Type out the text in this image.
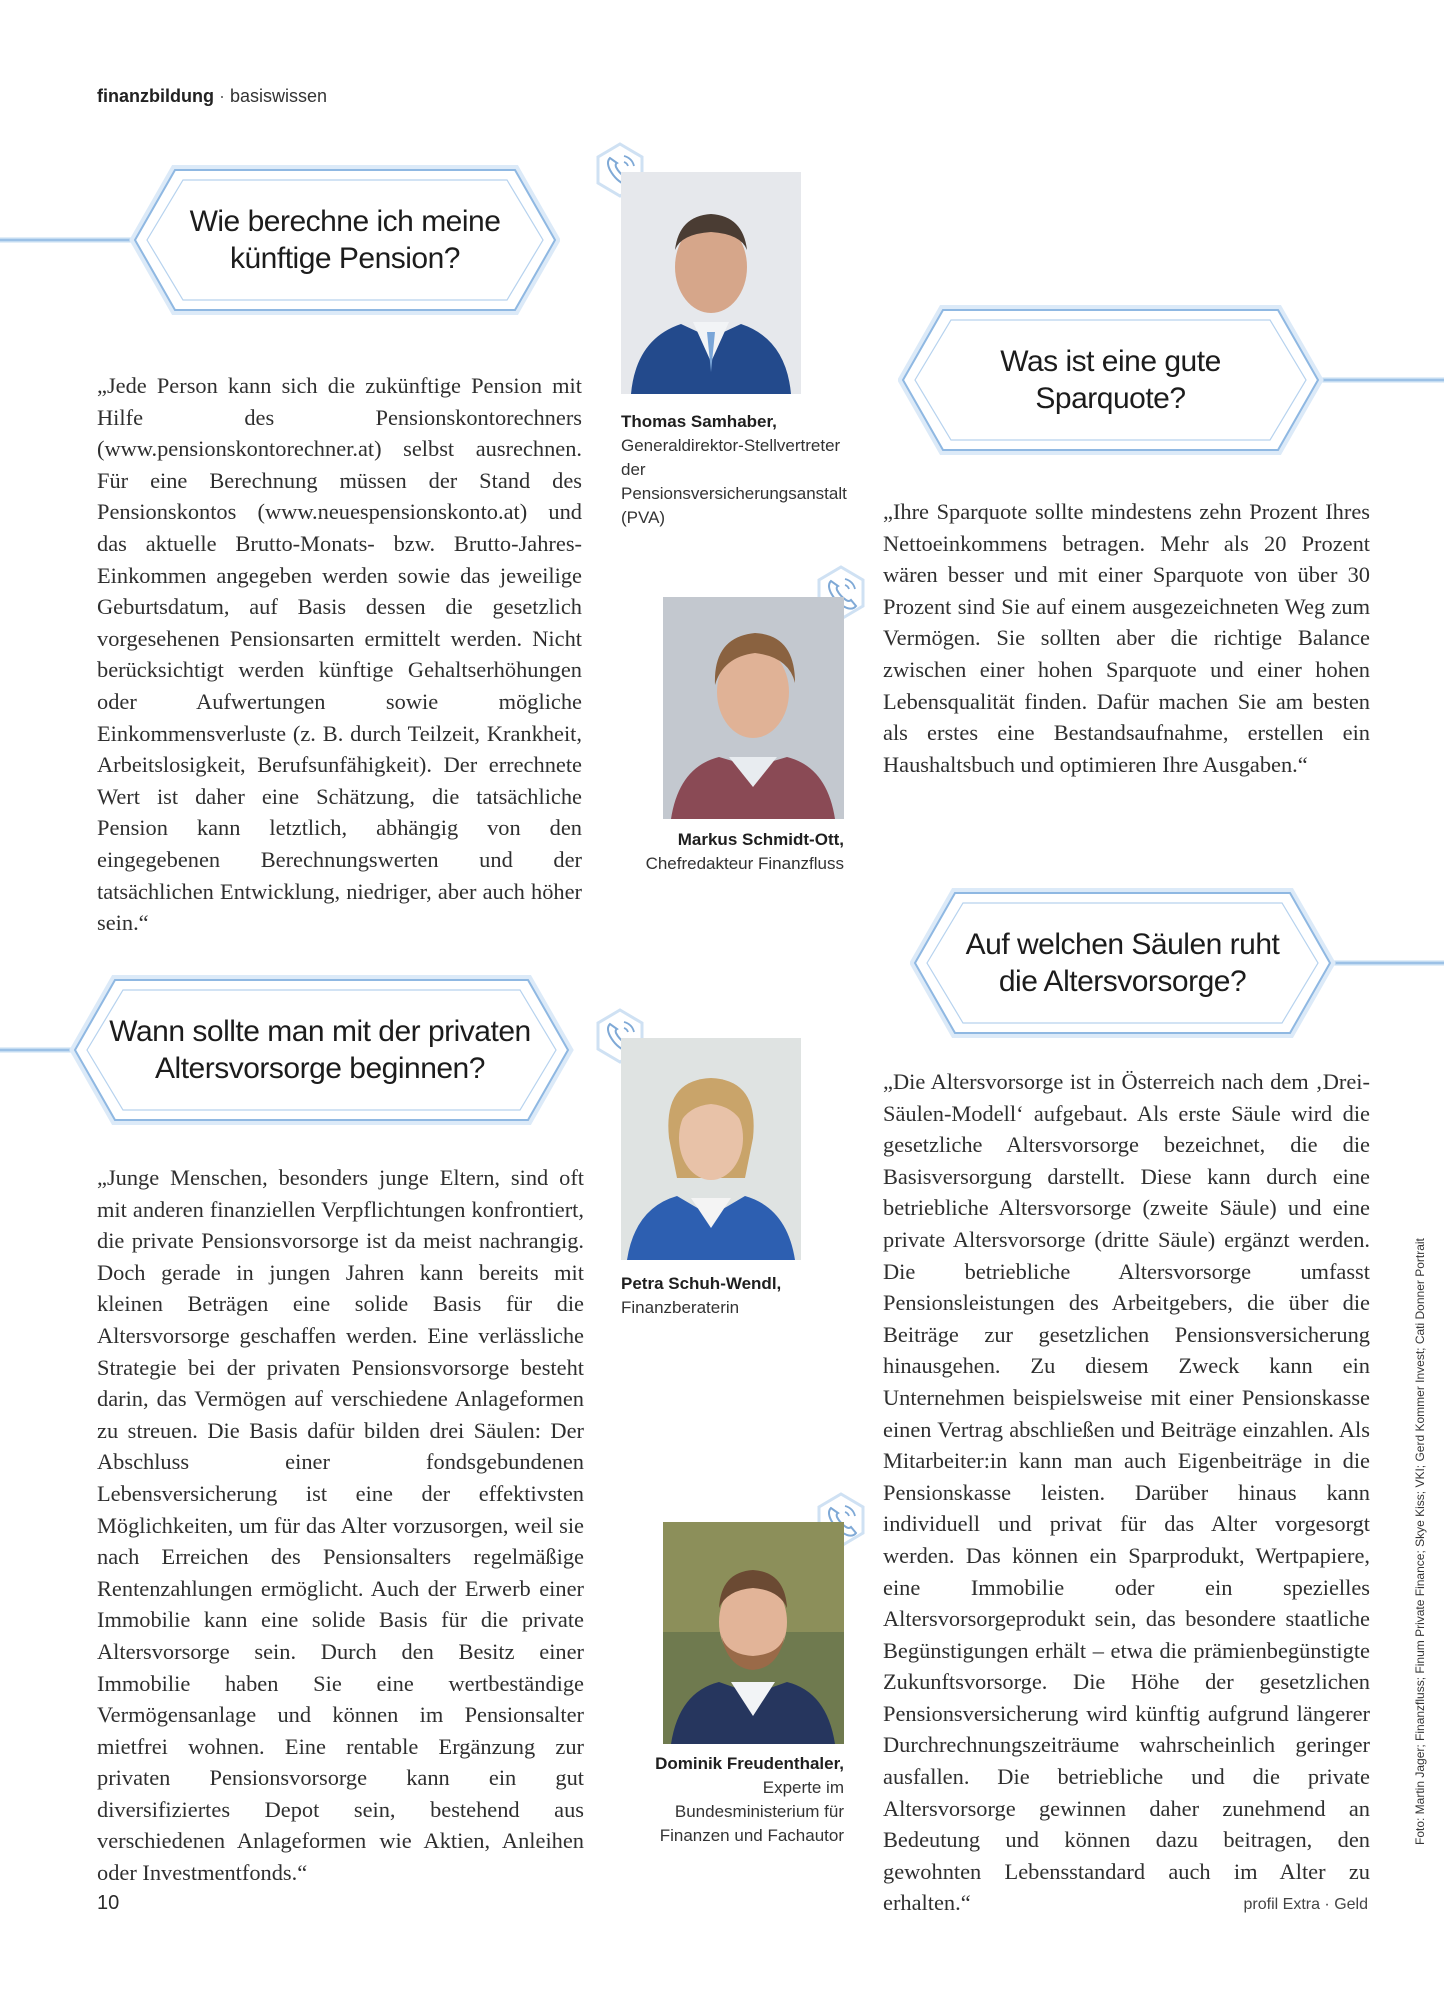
finanzbildung · basiswissen
Wie berechne ich meine künftige Pension?
Was ist eine gute Sparquote?
Wann sollte man mit der privaten Altersvorsorge beginnen?
Auf welchen Säulen ruht die Altersvorsorge?
„Jede Person kann sich die zukünftige Pension mit Hilfe des Pensionskontorechners (www.pensionskontorechner.at) selbst ausrechnen. Für eine Berechnung müssen der Stand des Pensionskontos (www.neuespensionskonto.at) und das aktuelle Brutto-Monats- bzw. Brutto-Jahres-Einkommen angegeben werden sowie das jeweilige Geburtsdatum, auf Basis dessen die gesetzlich vorgesehenen Pensionsarten ermittelt werden. Nicht berücksichtigt werden künftige Gehaltserhöhungen oder Aufwertungen sowie mögliche Einkommensverluste (z. B. durch Teilzeit, Krankheit, Arbeitslosigkeit, Berufsunfähigkeit). Der errechnete Wert ist daher eine Schätzung, die tatsächliche Pension kann letztlich, abhängig von den eingegebenen Berechnungswerten und der tatsächlichen Entwicklung, niedriger, aber auch höher sein.“
„Ihre Sparquote sollte mindestens zehn Prozent Ihres Nettoeinkommens betragen. Mehr als 20 Prozent wären besser und mit einer Sparquote von über 30 Prozent sind Sie auf einem ausgezeichneten Weg zum Vermögen. Sie sollten aber die richtige Balance zwischen einer hohen Sparquote und einer hohen Lebensqualität finden. Dafür machen Sie am besten als erstes eine Bestandsaufnahme, erstellen ein Haushaltsbuch und optimieren Ihre Ausgaben.“
„Junge Menschen, besonders junge Eltern, sind oft mit anderen finanziellen Verpflichtungen konfrontiert, die private Pensionsvorsorge ist da meist nachrangig. Doch gerade in jungen Jahren kann bereits mit kleinen Beträgen eine solide Basis für die Altersvorsorge geschaffen werden. Eine verlässliche Strategie bei der privaten Pensionsvorsorge besteht darin, das Vermögen auf verschiedene Anlageformen zu streuen. Die Basis dafür bilden drei Säulen: Der Abschluss einer fondsgebundenen Lebensversicherung ist eine der effektivsten Möglichkeiten, um für das Alter vorzusorgen, weil sie nach Erreichen des Pensionsalters regelmäßige Rentenzahlungen ermöglicht. Auch der Erwerb einer Immobilie kann eine solide Basis für die private Altersvorsorge sein. Durch den Besitz einer Immobilie haben Sie eine wertbeständige Vermögensanlage und können im Pensionsalter mietfrei wohnen. Eine rentable Ergänzung zur privaten Pensionsvorsorge kann ein gut diversifiziertes Depot sein, bestehend aus verschiedenen Anlageformen wie Aktien, Anleihen oder Investmentfonds.“
„Die Altersvorsorge ist in Österreich nach dem ‚Drei-Säulen-Modell‘ aufgebaut. Als erste Säule wird die gesetzliche Altersvorsorge bezeichnet, die die Basisversorgung darstellt. Diese kann durch eine betriebliche Altersvorsorge (zweite Säule) und eine private Altersvorsorge (dritte Säule) ergänzt werden. Die betriebliche Altersvorsorge umfasst Pensionsleistungen des Arbeitgebers, die über die Beiträge zur gesetzlichen Pensionsversicherung hinausgehen. Zu diesem Zweck kann ein Unternehmen beispielsweise mit einer Pensionskasse einen Vertrag abschließen und Beiträge einzahlen. Als Mitarbeiter:in kann man auch Eigenbeiträge in die Pensionskasse leisten. Darüber hinaus kann individuell und privat für das Alter vorgesorgt werden. Das können ein Sparprodukt, Wertpapiere, eine Immobilie oder ein spezielles Altersvorsorgeprodukt sein, das besondere staatliche Begünstigungen erhält – etwa die prämienbegünstigte Zukunftsvorsorge. Die Höhe der gesetzlichen Pensionsversicherung wird künftig aufgrund längerer Durchrechnungszeiträume wahrscheinlich geringer ausfallen. Die betriebliche und die private Altersvorsorge gewinnen daher zunehmend an Bedeutung und können dazu beitragen, den gewohnten Lebensstandard auch im Alter zu erhalten.“
Thomas Samhaber,
Generaldirektor-Stellvertreter der Pensionsversicherungsanstalt (PVA)
Markus Schmidt-Ott,
Chefredakteur Finanzfluss
Petra Schuh-Wendl,
Finanzberaterin
Dominik Freudenthaler,
Experte im Bundesministerium für Finanzen und Fachautor	Foto: Martin Jager; Finanzfluss; Finum Private Finance; Skye Kiss; VKI; Gerd Kommer Invest; Cati Donner Portrait
10	profil Extra · Geld
